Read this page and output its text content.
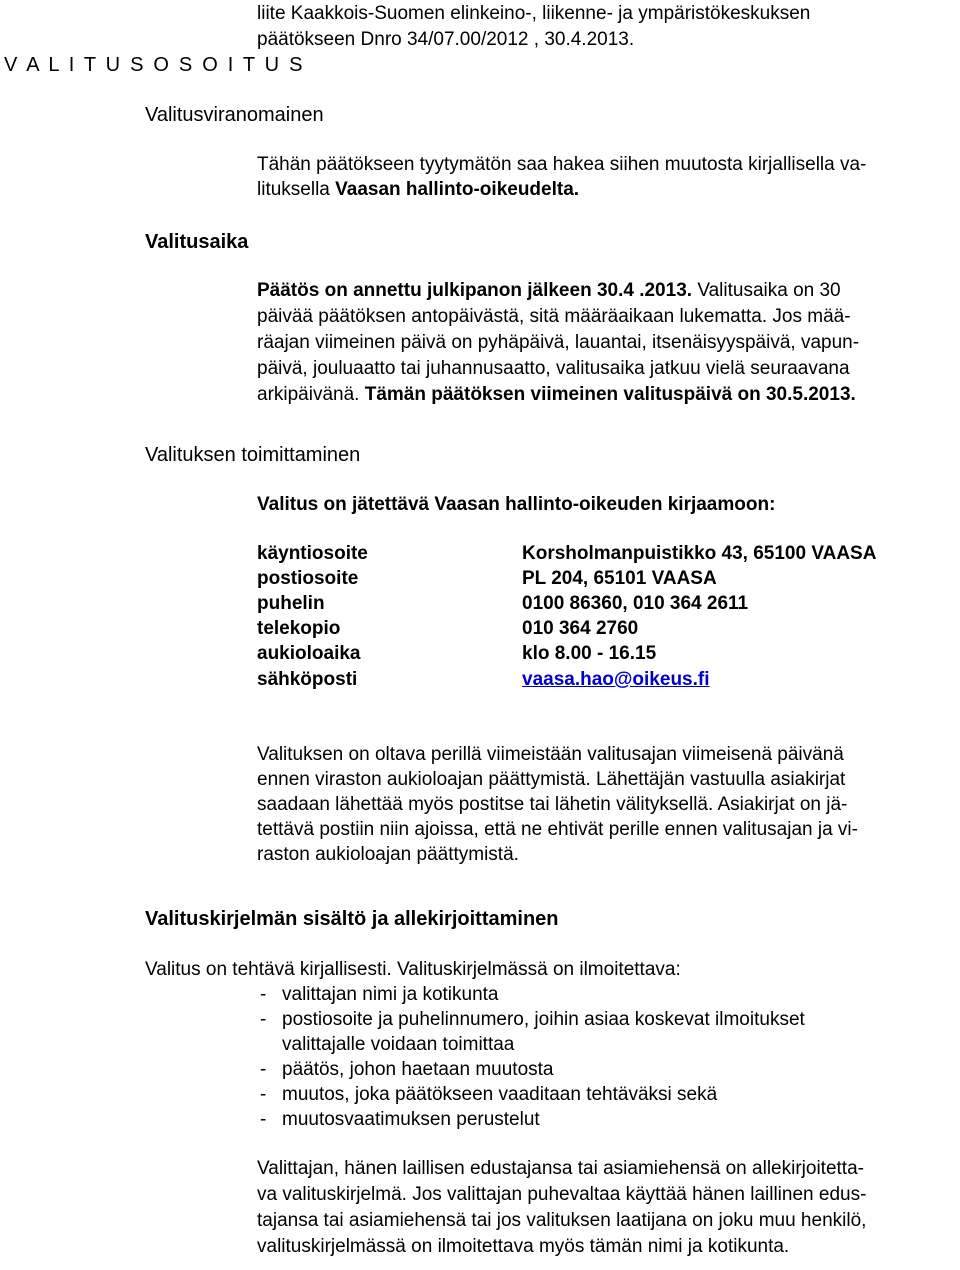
liite Kaakkois-Suomen elinkeino-, liikenne- ja ympäristökeskuksen
päätökseen Dnro 34/07.00/2012 , 30.4.2013.
V A L I T U S O S O I T U S
Valitusviranomainen

Tähän päätökseen tyytymätön saa hakea siihen muutosta kirjallisella va-

lituksella Vaasan hallinto-oikeudelta.

Valitusaika

Päätös on annettu julkipanon jälkeen 30.4 .2013. Valitusaika on 30

päivää päätöksen antopäivästä, sitä määräaikaan lukematta. Jos mää-

räajan viimeinen päivä on pyhäpäivä, lauantai, itsenäisyyspäivä, vapun-

päivä, jouluaatto tai juhannusaatto, valitusaika jatkuu vielä seuraavana

arkipäivänä. Tämän päätöksen viimeinen valituspäivä on 30.5.2013.

Valituksen toimittaminen
Valitus on jätettävä Vaasan hallinto-oikeuden kirjaamoon:
käyntiosoite	Korsholmanpuistikko 43, 65100 VAASA
postiosoite	PL 204, 65101 VAASA
puhelin	0100 86360, 010 364 2611
telekopio	010 364 2760
aukioloaika	klo 8.00 - 16.15
sähköposti	vaasa.hao@oikeus.fi

Valituksen on oltava perillä viimeistään valitusajan viimeisenä päivänä

ennen viraston aukioloajan päättymistä. Lähettäjän vastuulla asiakirjat

saadaan lähettää myös postitse tai lähetin välityksellä. Asiakirjat on jä-

tettävä postiin niin ajoissa, että ne ehtivät perille ennen valitusajan ja vi-

raston aukioloajan päättymistä.

Valituskirjelmän sisältö ja allekirjoittaminen
Valitus on tehtävä kirjallisesti. Valituskirjelmässä on ilmoitettava:
- valittajan nimi ja kotikunta
- postiosoite ja puhelinnumero, joihin asiaa koskevat ilmoitukset
valittajalle voidaan toimittaa
- päätös, johon haetaan muutosta
- muutos, joka päätökseen vaaditaan tehtäväksi sekä
- muutosvaatimuksen perustelut

Valittajan, hänen laillisen edustajansa tai asiamiehensä on allekirjoitetta-

va valituskirjelmä. Jos valittajan puhevaltaa käyttää hänen laillinen edus-

tajansa tai asiamiehensä tai jos valituksen laatijana on joku muu henkilö,

valituskirjelmässä on ilmoitettava myös tämän nimi ja kotikunta.
